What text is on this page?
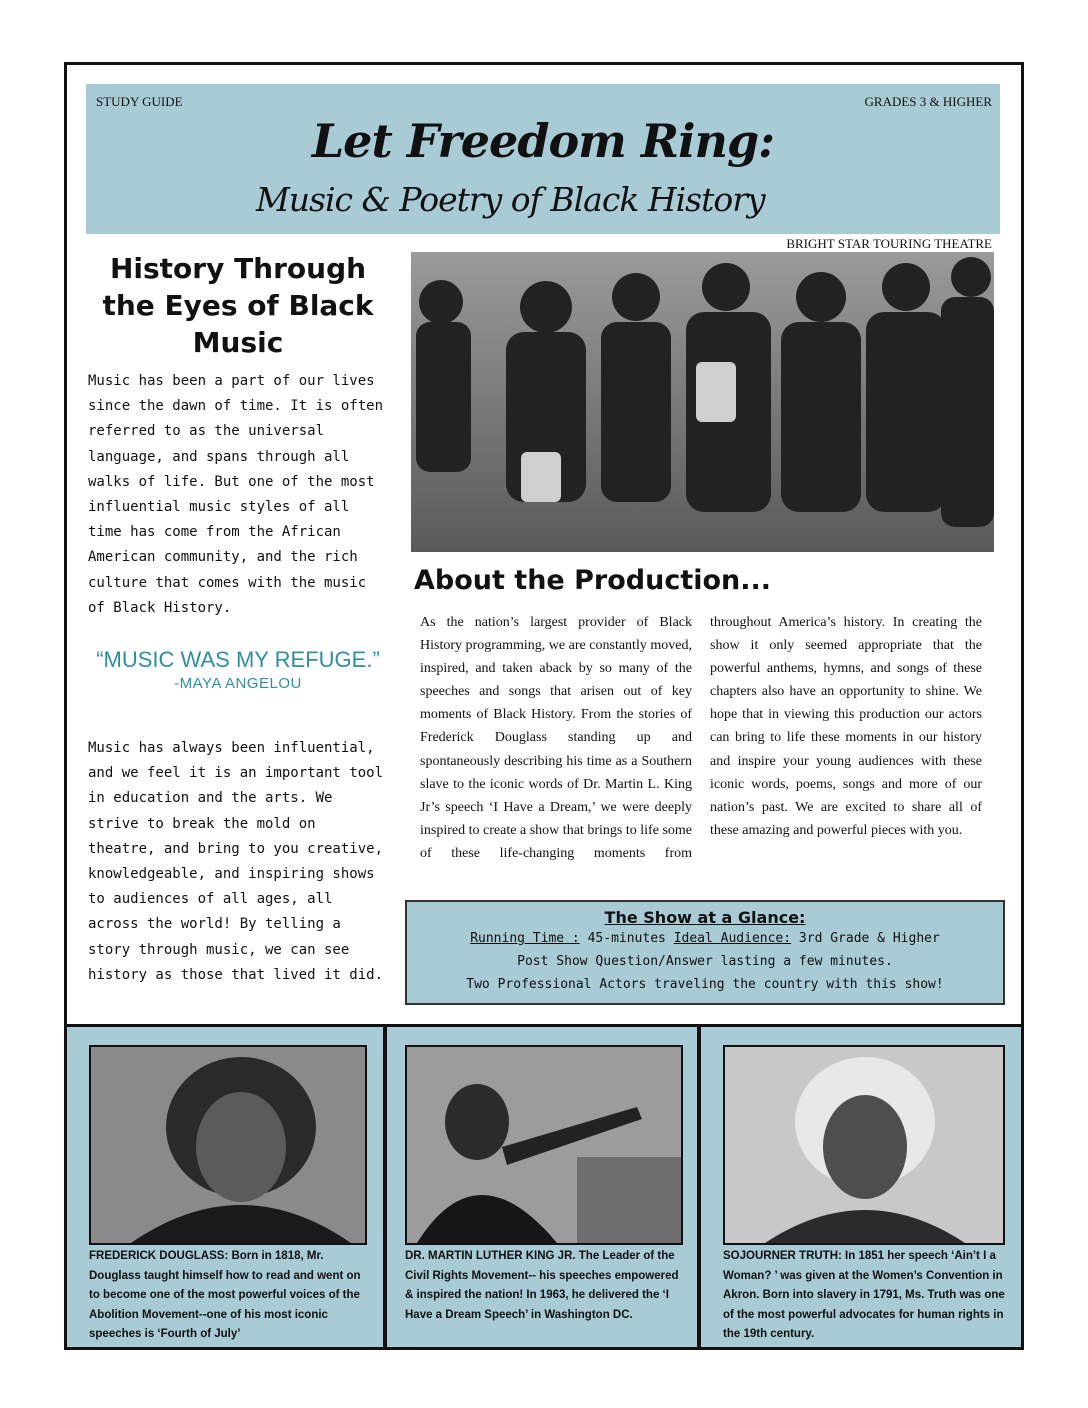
STUDY GUIDE	GRADES 3 & HIGHER
Let Freedom Ring:
Music & Poetry of Black History
BRIGHT STAR TOURING THEATRE
History Through the Eyes of Black Music

Music has been a part of our lives since the dawn of time. It is often referred to as the universal language, and spans through all walks of life. But one of the most influential music styles of all time has come from the African American community, and the rich culture that comes with the music of Black History.

“MUSIC WAS MY REFUGE.”
-MAYA ANGELOU

Music has always been influential, and we feel it is an important tool in education and the arts. We strive to break the mold on theatre, and bring to you creative, knowledgeable, and inspiring shows to audiences of all ages, all across the world! By telling a story through music, we can see history as those that lived it did.

About the Production...

As the nation’s largest provider of Black History programming, we are constantly moved, inspired, and taken aback by so many of the speeches and songs that arisen out of key moments of Black History. From the stories of Frederick Douglass standing up and spontaneously describing his time as a Southern slave to the iconic words of Dr. Martin L. King Jr’s speech ‘I Have a Dream,’ we were deeply inspired to create a show that brings to life some of these life-changing moments from throughout America’s history. In creating the show it only seemed appropriate that the powerful anthems, hymns, and songs of these chapters also have an opportunity to shine. We hope that in viewing this production our actors can bring to life these moments in our history and inspire your young audiences with these iconic words, poems, songs and more of our nation’s past. We are excited to share all of these amazing and powerful pieces with you.

The Show at a Glance:
Running Time : 45-minutes Ideal Audience: 3rd Grade & Higher
Post Show Question/Answer lasting a few minutes.
Two Professional Actors traveling the country with this show!
FREDERICK DOUGLASS: Born in 1818, Mr. Douglass taught himself how to read and went on to become one of the most powerful voices of the Abolition Movement--one of his most iconic speeches is ‘Fourth of July’
DR. MARTIN LUTHER KING JR. The Leader of the Civil Rights Movement-- his speeches empowered & inspired the nation! In 1963, he delivered the ‘I Have a Dream Speech’ in Washington DC.
SOJOURNER TRUTH: In 1851 her speech ‘Ain’t I a Woman? ’ was given at the Women’s Convention in Akron. Born into slavery in 1791, Ms. Truth was one of the most powerful advocates for human rights in the 19th century.
